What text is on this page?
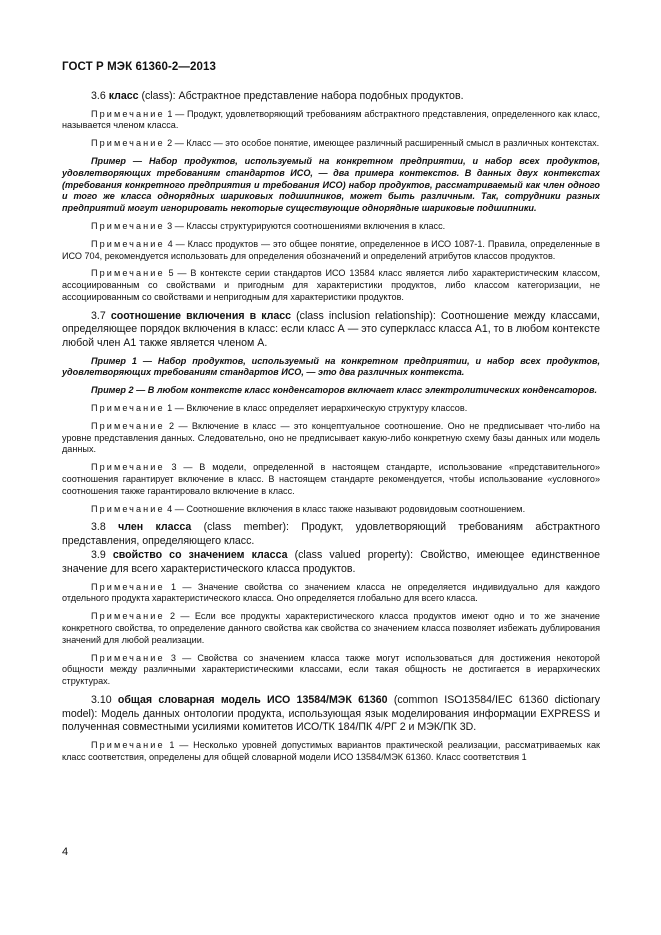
ГОСТ Р МЭК 61360-2—2013

3.6 класс (class): Абстрактное представление набора подобных продуктов.

Примечание 1 — Продукт, удовлетворяющий требованиям абстрактного представления, определенного как класс, называется членом класса.

Примечание 2 — Класс — это особое понятие, имеющее различный расширенный смысл в различных контекстах.

Пример — Набор продуктов, используемый на конкретном предприятии, и набор всех продуктов, удовлетворяющих требованиям стандартов ИСО, — два примера контекстов. В данных двух контекстах (требования конкретного предприятия и требования ИСО) набор продуктов, рассматриваемый как член одного и того же класса однорядных шариковых подшипников, может быть различным. Так, сотрудники разных предприятий могут игнорировать некоторые существующие однорядные шариковые подшипники.

Примечание 3 — Классы структурируются соотношениями включения в класс.

Примечание 4 — Класс продуктов — это общее понятие, определенное в ИСО 1087-1. Правила, определенные в ИСО 704, рекомендуется использовать для определения обозначений и определений атрибутов классов продуктов.

Примечание 5 — В контексте серии стандартов ИСО 13584 класс является либо характеристическим классом, ассоциированным со свойствами и пригодным для характеристики продуктов, либо классом категоризации, не ассоциированным со свойствами и непригодным для характеристики продуктов.

3.7 соотношение включения в класс (class inclusion relationship): Соотношение между классами, определяющее порядок включения в класс: если класс А — это суперкласс класса А1, то в любом контексте любой член А1 также является членом А.

Пример 1 — Набор продуктов, используемый на конкретном предприятии, и набор всех продуктов, удовлетворяющих требованиям стандартов ИСО, — это два различных контекста.

Пример 2 — В любом контексте класс конденсаторов включает класс электролитических конденсаторов.

Примечание 1 — Включение в класс определяет иерархическую структуру классов.

Примечание 2 — Включение в класс — это концептуальное соотношение. Оно не предписывает что-либо на уровне представления данных. Следовательно, оно не предписывает какую-либо конкретную схему базы данных или модель данных.

Примечание 3 — В модели, определенной в настоящем стандарте, использование «представительного» соотношения гарантирует включение в класс. В настоящем стандарте рекомендуется, чтобы использование «условного» соотношения также гарантировало включение в класс.

Примечание 4 — Соотношение включения в класс также называют родовидовым соотношением.

3.8 член класса (class member): Продукт, удовлетворяющий требованиям абстрактного представления, определяющего класс.

3.9 свойство со значением класса (class valued property): Свойство, имеющее единственное значение для всего характеристического класса продуктов.

Примечание 1 — Значение свойства со значением класса не определяется индивидуально для каждого отдельного продукта характеристического класса. Оно определяется глобально для всего класса.

Примечание 2 — Если все продукты характеристического класса продуктов имеют одно и то же значение конкретного свойства, то определение данного свойства как свойства со значением класса позволяет избежать дублирования значений для любой реализации.

Примечание 3 — Свойства со значением класса также могут использоваться для достижения некоторой общности между различными характеристическими классами, если такая общность не достигается в иерархических структурах.

3.10 общая словарная модель ИСО 13584/МЭК 61360 (common ISO13584/IEC 61360 dictionary model): Модель данных онтологии продукта, использующая язык моделирования информации EXPRESS и полученная совместными усилиями комитетов ИСО/ТК 184/ПК 4/РГ 2 и МЭК/ПК 3D.

Примечание 1 — Несколько уровней допустимых вариантов практической реализации, рассматриваемых как класс соответствия, определены для общей словарной модели ИСО 13584/МЭК 61360. Класс соответствия 1

4
